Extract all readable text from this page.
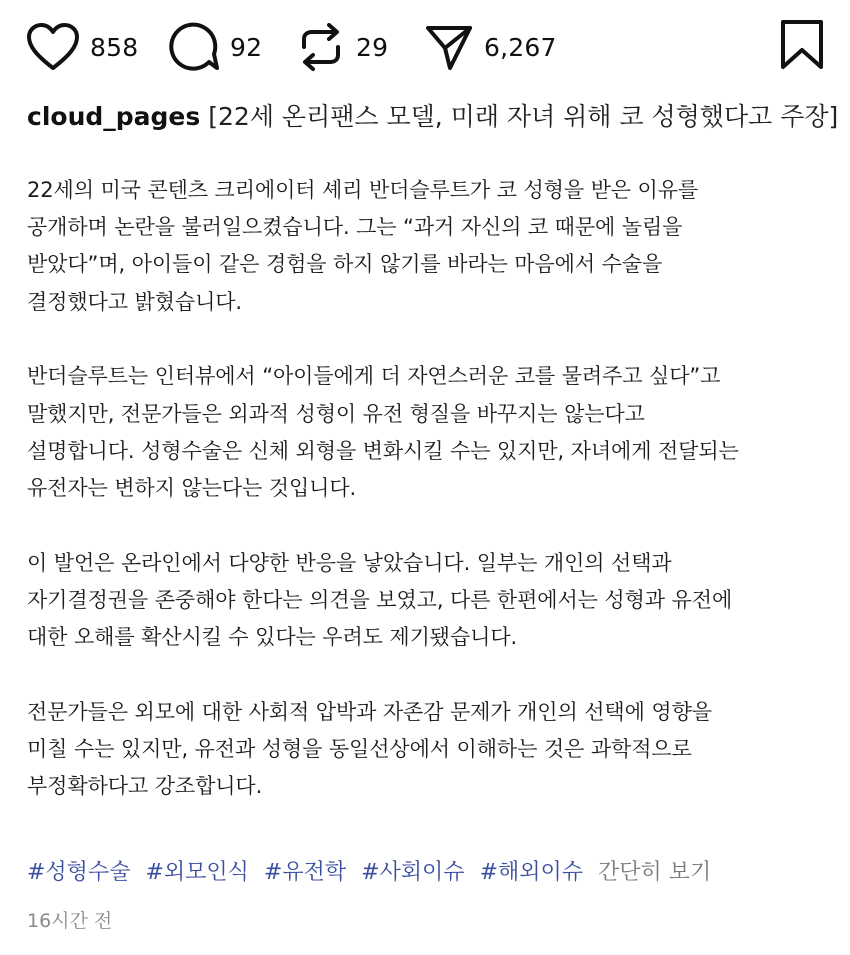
858	92	29	6,267
cloud_pages [22세 온리팬스 모델, 미래 자녀 위해 코 성형했다고 주장]

22세의 미국 콘텐츠 크리에이터 셰리 반더슬루트가 코 성형을 받은 이유를
공개하며 논란을 불러일으켰습니다. 그는 “과거 자신의 코 때문에 놀림을
받았다”며, 아이들이 같은 경험을 하지 않기를 바라는 마음에서 수술을
결정했다고 밝혔습니다.

반더슬루트는 인터뷰에서 “아이들에게 더 자연스러운 코를 물려주고 싶다”고
말했지만, 전문가들은 외과적 성형이 유전 형질을 바꾸지는 않는다고
설명합니다. 성형수술은 신체 외형을 변화시킬 수는 있지만, 자녀에게 전달되는
유전자는 변하지 않는다는 것입니다.

이 발언은 온라인에서 다양한 반응을 낳았습니다. 일부는 개인의 선택과
자기결정권을 존중해야 한다는 의견을 보였고, 다른 한편에서는 성형과 유전에
대한 오해를 확산시킬 수 있다는 우려도 제기됐습니다.

전문가들은 외모에 대한 사회적 압박과 자존감 문제가 개인의 선택에 영향을
미칠 수는 있지만, 유전과 성형을 동일선상에서 이해하는 것은 과학적으로
부정확하다고 강조합니다.

#성형수술 #외모인식 #유전학 #사회이슈 #해외이슈 간단히 보기
16시간 전
